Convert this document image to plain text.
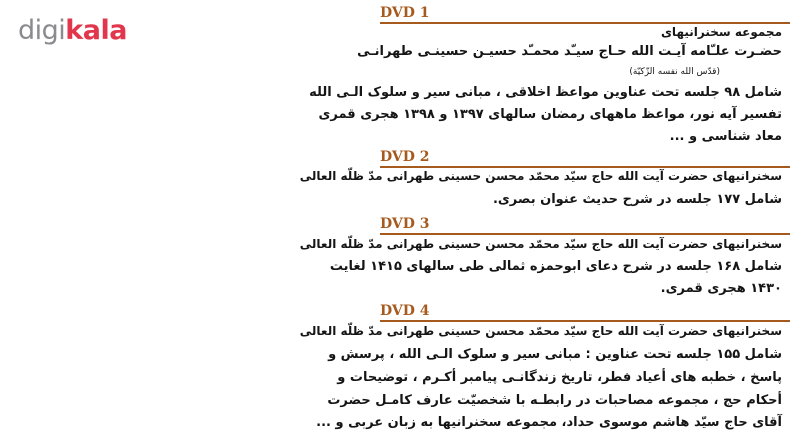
digikala
DVD 1
مجموعه سخنرانیهای
حضـرت علـّامه آیـت الله حـاج سیـّد محمـّد حسیـن حسینـی طهرانـی
(قدّس الله نفسه الزّکیّة)
شامل ۹۸ جلسه تحت عناوین مواعظ اخلاقی ، مبانی سیر و سلوک الـی الله
تفسیر آیه نور، مواعظ ماههای رمضان سالهای ۱۳۹۷ و ۱۳۹۸ هجری قمری
معاد شناسی و ...
DVD 2
سخنرانیهای حضرت آیت الله حاج سیّد محمّد محسن حسینی طهرانی مدّ ظلّه العالی
شامل ۱۷۷ جلسه در شرح حدیث عنوان بصری.
DVD 3
سخنرانیهای حضرت آیت الله حاج سیّد محمّد محسن حسینی طهرانی مدّ ظلّه العالی
شامل ۱۶۸ جلسه در شرح دعای ابوحمزه ثمالی طی سالهای ۱۴۱۵ لغایت
۱۴۳۰ هجری قمری.
DVD 4
سخنرانیهای حضرت آیت الله حاج سیّد محمّد محسن حسینی طهرانی مدّ ظلّه العالی
شامل ۱۵۵ جلسه تحت عناوین : مبانی سیر و سلوک الـی الله ، پرسش و
پاسخ ، خطبه های أعیاد فطر، تاریخ زندگانـی پیامبر أکـرم ، توضیحات و
أحکام حج ، مجموعه مصاحبات در رابطـه با شخصیّت عارف کامـل حضرت
آقای حاج سیّد هاشم موسوی حداد، مجموعه سخنرانیها به زبان عربی و ...
